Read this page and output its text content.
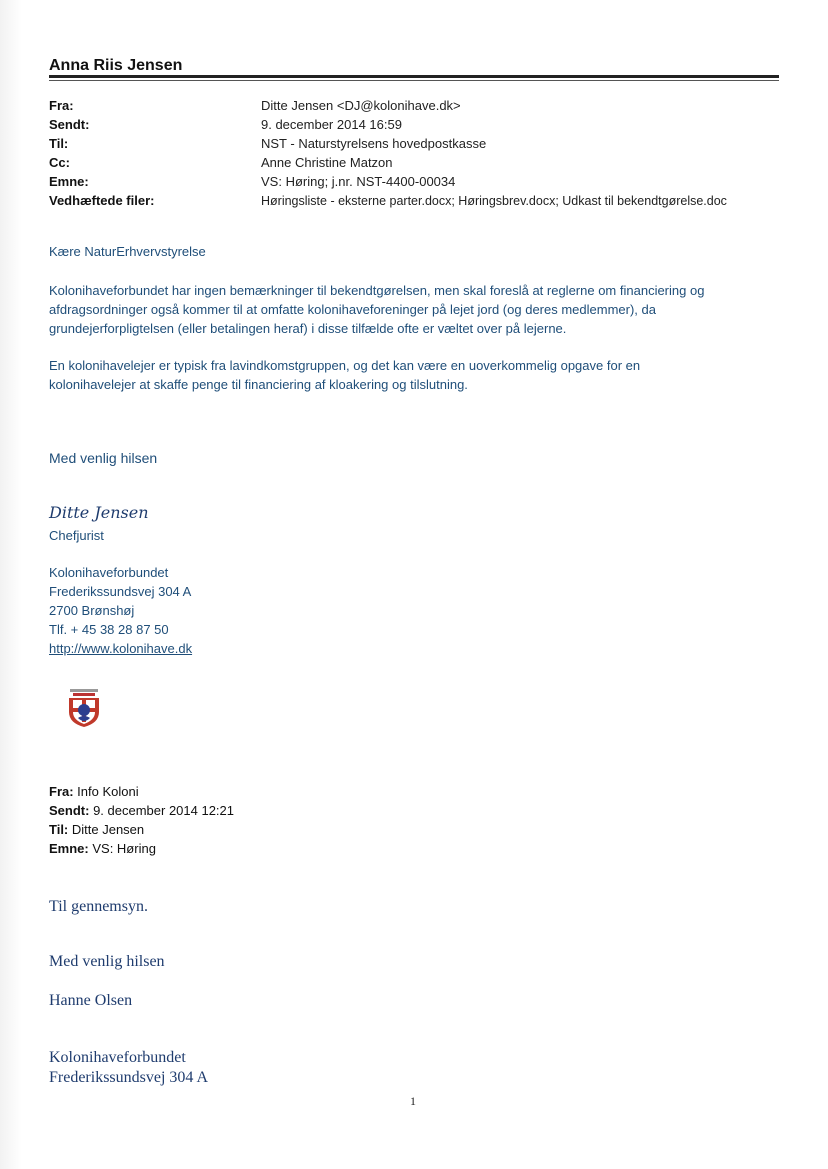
Anna Riis Jensen
Fra:	Ditte Jensen <DJ@kolonihave.dk>
Sendt:	9. december 2014 16:59
Til:	NST - Naturstyrelsens hovedpostkasse
Cc:	Anne Christine Matzon
Emne:	VS: Høring; j.nr. NST-4400-00034
Vedhæftede filer:	Høringsliste - eksterne parter.docx; Høringsbrev.docx; Udkast til bekendtgørelse.doc
Kære NaturErhvervstyrelse
Kolonihaveforbundet har ingen bemærkninger til bekendtgørelsen, men skal foreslå at reglerne om financiering og
afdragsordninger også kommer til at omfatte kolonihaveforeninger på lejet jord (og deres medlemmer), da
grundejerforpligtelsen (eller betalingen heraf) i disse tilfælde ofte er væltet over på lejerne.
En kolonihavelejer er typisk fra lavindkomstgruppen, og det kan være en uoverkommelig opgave for en
kolonihavelejer at skaffe penge til financiering af kloakering og tilslutning.
Med venlig hilsen
Ditte Jensen
Chefjurist
Kolonihaveforbundet
Frederikssundsvej 304 A
2700 Brønshøj
Tlf. + 45 38 28 87 50
http://www.kolonihave.dk
Fra: Info Koloni
Sendt: 9. december 2014 12:21
Til: Ditte Jensen
Emne: VS: Høring
Til gennemsyn.
Med venlig hilsen
Hanne Olsen
Kolonihaveforbundet
Frederikssundsvej 304 A
1
